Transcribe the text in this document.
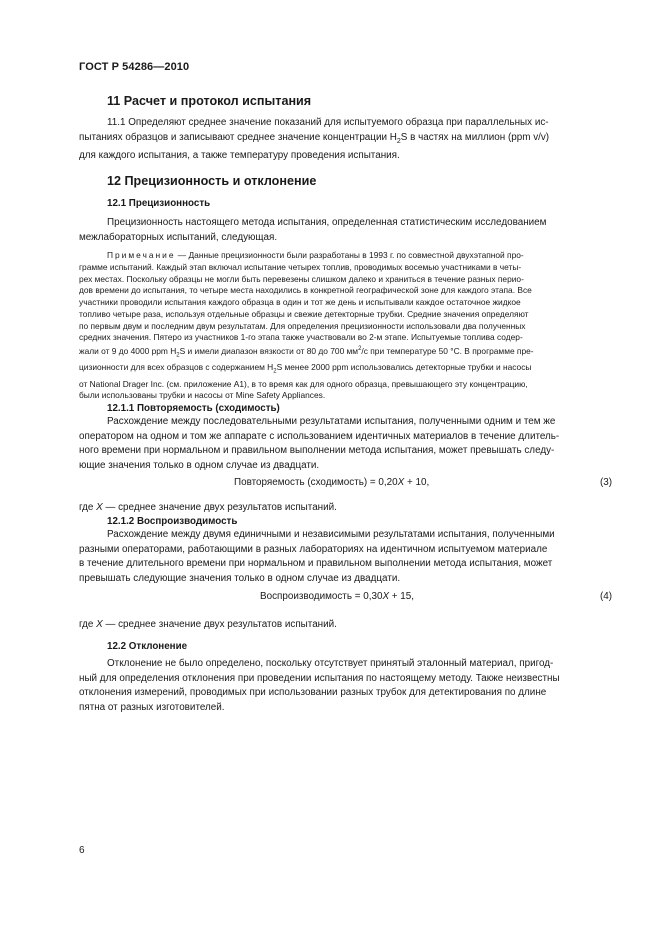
ГОСТ Р 54286—2010
11 Расчет и протокол испытания
11.1 Определяют среднее значение показаний для испытуемого образца при параллельных ис-
пытаниях образцов и записывают среднее значение концентрации $H_2S$ в частях на миллион (ppm v/v)
для каждого испытания, а также температуру проведения испытания.
12 Прецизионность и отклонение
12.1 Прецизионность
Прецизионность настоящего метода испытания, определенная статистическим исследованием
межлабораторных испытаний, следующая.
Примечание — Данные прецизионности были разработаны в 1993 г. по совместной двухэтапной про-
грамме испытаний. Каждый этап включал испытание четырех топлив, проводимых восемью участниками в четы-
рех местах. Поскольку образцы не могли быть перевезены слишком далеко и храниться в течение разных перио-
дов времени до испытания, то четыре места находились в конкретной географической зоне для каждого этапа. Все
участники проводили испытания каждого образца в один и тот же день и испытывали каждое остаточное жидкое
топливо четыре раза, используя отдельные образцы и свежие детекторные трубки. Средние значения определяют
по первым двум и последним двум результатам. Для определения прецизионности использовали два полученных
средних значения. Пятеро из участников 1-го этапа также участвовали во 2-м этапе. Испытуемые топлива содер-
жали от 9 до 4000 ppm $H_2S$ и имели диапазон вязкости от 80 до 700 $мм^2/с$ при температуре 50 °С. В программе пре-
цизионности для всех образцов с содержанием $H_2S$ менее 2000 ppm использовались детекторные трубки и насосы
от National Drager Inc. (см. приложение А1), в то время как для одного образца, превышающего эту концентрацию,
были использованы трубки и насосы от Mine Safety Appliances.
12.1.1 Повторяемость (сходимость)
Расхождение между последовательными результатами испытания, полученными одним и тем же
оператором на одном и том же аппарате с использованием идентичных материалов в течение длитель-
ного времени при нормальном и правильном выполнении метода испытания, может превышать следу-
ющие значения только в одном случае из двадцати.
Повторяемость (сходимость) = 0,20X + 10,	(3)
где X — среднее значение двух результатов испытаний.
12.1.2 Воспроизводимость
Расхождение между двумя единичными и независимыми результатами испытания, полученными
разными операторами, работающими в разных лабораториях на идентичном испытуемом материале
в течение длительного времени при нормальном и правильном выполнении метода испытания, может
превышать следующие значения только в одном случае из двадцати.
Воспроизводимость = 0,30X + 15,	(4)
где X — среднее значение двух результатов испытаний.
12.2 Отклонение
Отклонение не было определено, поскольку отсутствует принятый эталонный материал, пригод-
ный для определения отклонения при проведении испытания по настоящему методу. Также неизвестны
отклонения измерений, проводимых при использовании разных трубок для детектирования по длине
пятна от разных изготовителей.
6
